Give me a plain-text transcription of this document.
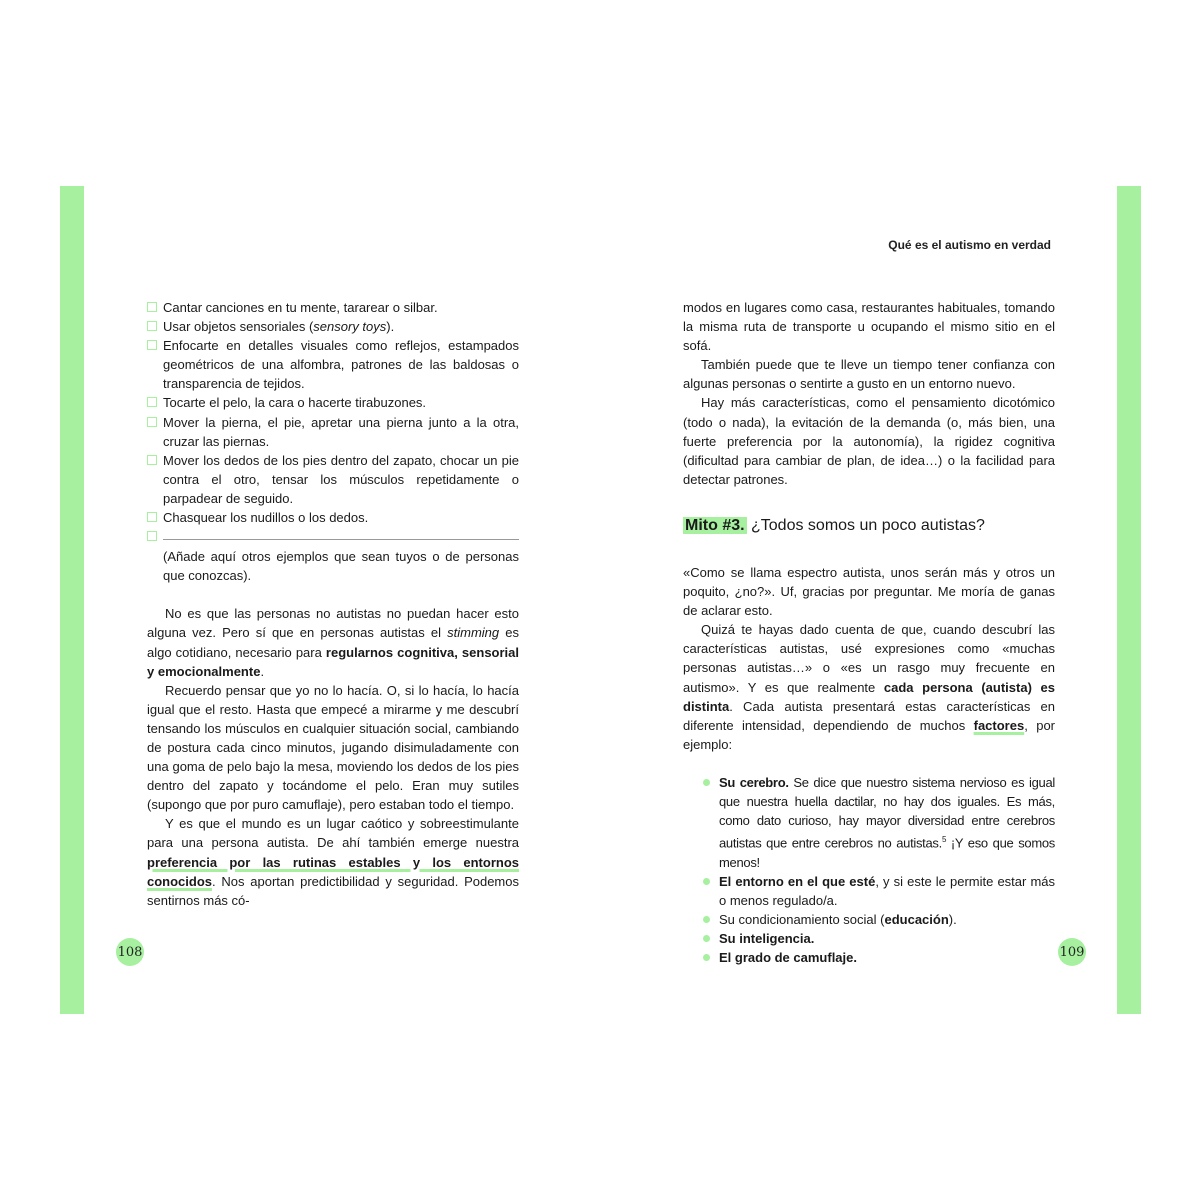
Qué es el autismo en verdad

Cantar canciones en tu mente, tararear o silbar.

Usar objetos sensoriales (sensory toys).

Enfocarte en detalles visuales como reflejos, estampados geométricos de una alfombra, patrones de las baldosas o transparencia de tejidos.

Tocarte el pelo, la cara o hacerte tirabuzones.

Mover la pierna, el pie, apretar una pierna junto a la otra, cruzar las piernas.

Mover los dedos de los pies dentro del zapato, chocar un pie contra el otro, tensar los músculos repetidamente o parpadear de seguido.

Chasquear los nudillos o los dedos.

(Añade aquí otros ejemplos que sean tuyos o de personas que conozcas).

No es que las personas no autistas no puedan hacer esto alguna vez. Pero sí que en personas autistas el stimming es algo cotidiano, necesario para regularnos cognitiva, sensorial y emocionalmente.

Recuerdo pensar que yo no lo hacía. O, si lo hacía, lo hacía igual que el resto. Hasta que empecé a mirarme y me descubrí tensando los músculos en cualquier situación social, cambiando de postura cada cinco minutos, jugando disimuladamente con una goma de pelo bajo la mesa, moviendo los dedos de los pies dentro del zapato y tocándome el pelo. Eran muy sutiles (supongo que por puro camuflaje), pero estaban todo el tiempo.

Y es que el mundo es un lugar caótico y sobreestimulante para una persona autista. De ahí también emerge nuestra preferencia por las rutinas estables y los entornos conocidos. Nos aportan predictibilidad y seguridad. Podemos sentirnos más có-

108

modos en lugares como casa, restaurantes habituales, tomando la misma ruta de transporte u ocupando el mismo sitio en el sofá.

También puede que te lleve un tiempo tener confianza con algunas personas o sentirte a gusto en un entorno nuevo.

Hay más características, como el pensamiento dicotómico (todo o nada), la evitación de la demanda (o, más bien, una fuerte preferencia por la autonomía), la rigidez cognitiva (dificultad para cambiar de plan, de idea…) o la facilidad para detectar patrones.

Mito #3. ¿Todos somos un poco autistas?

«Como se llama espectro autista, unos serán más y otros un poquito, ¿no?». Uf, gracias por preguntar. Me moría de ganas de aclarar esto.

Quizá te hayas dado cuenta de que, cuando descubrí las características autistas, usé expresiones como «muchas personas autistas…» o «es un rasgo muy frecuente en autismo». Y es que realmente cada persona (autista) es distinta. Cada autista presentará estas características en diferente intensidad, dependiendo de muchos factores, por ejemplo:

Su cerebro. Se dice que nuestro sistema nervioso es igual que nuestra huella dactilar, no hay dos iguales. Es más, como dato curioso, hay mayor diversidad entre cerebros autistas que entre cerebros no autistas.$^5$ ¡Y eso que somos menos!

El entorno en el que esté, y si este le permite estar más o menos regulado/a.

Su condicionamiento social (educación).

Su inteligencia.

El grado de camuflaje.	109
